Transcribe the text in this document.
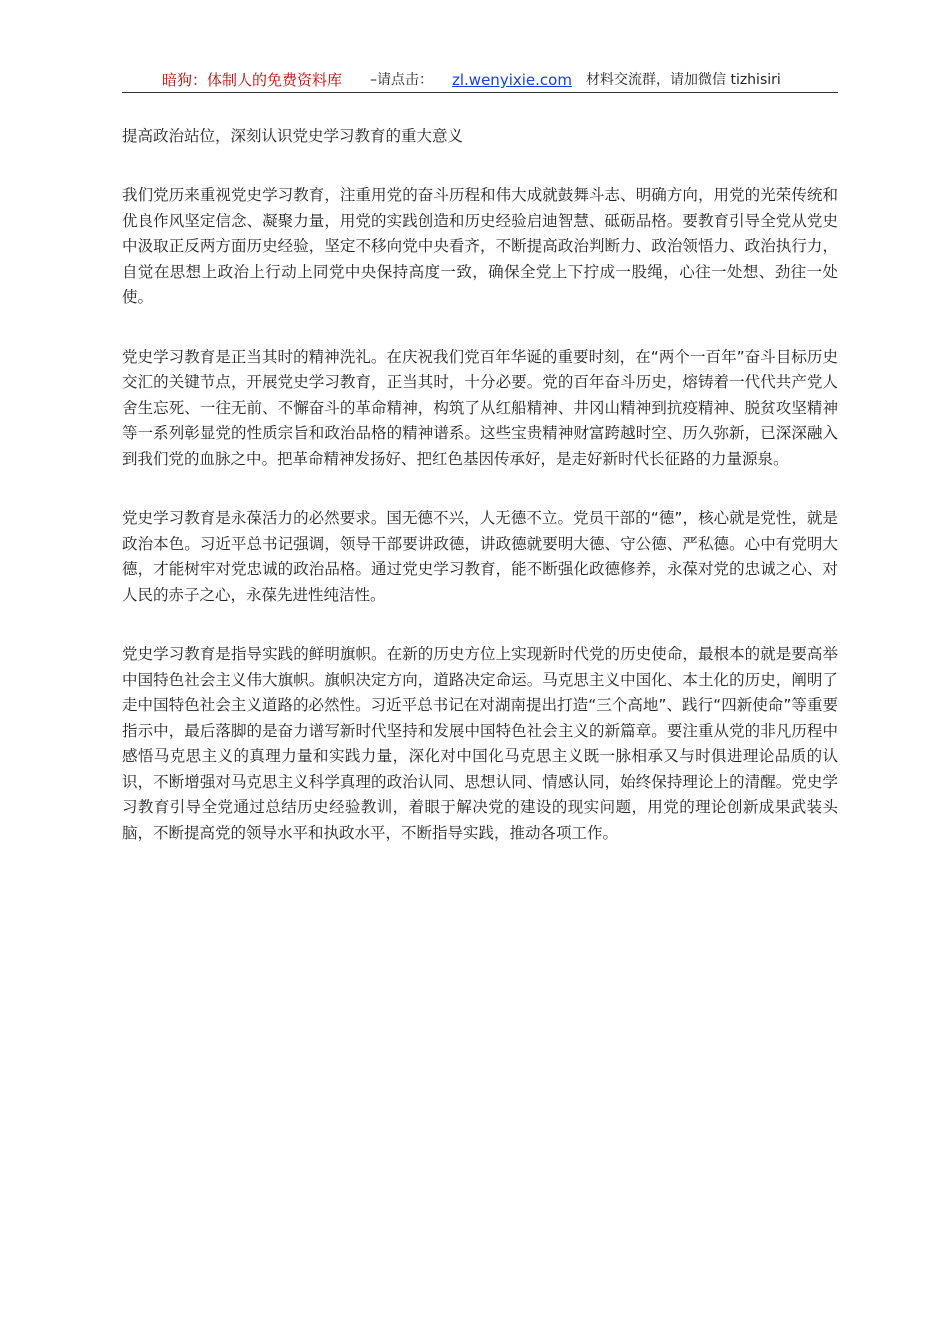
暗狗：体制人的免费资料库 –请点击： zl.wenyixie.com 材料交流群，请加微信 tizhisiri

提高政治站位，深刻认识党史学习教育的重大意义

我们党历来重视党史学习教育，注重用党的奋斗历程和伟大成就鼓舞斗志、明确方向，用党的光荣传统和优良作风坚定信念、凝聚力量，用党的实践创造和历史经验启迪智慧、砥砺品格。要教育引导全党从党史中汲取正反两方面历史经验，坚定不移向党中央看齐，不断提高政治判断力、政治领悟力、政治执行力，自觉在思想上政治上行动上同党中央保持高度一致，确保全党上下拧成一股绳，心往一处想、劲往一处使。

党史学习教育是正当其时的精神洗礼。在庆祝我们党百年华诞的重要时刻，在“两个一百年”奋斗目标历史交汇的关键节点，开展党史学习教育，正当其时，十分必要。党的百年奋斗历史，熔铸着一代代共产党人舍生忘死、一往无前、不懈奋斗的革命精神，构筑了从红船精神、井冈山精神到抗疫精神、脱贫攻坚精神等一系列彰显党的性质宗旨和政治品格的精神谱系。这些宝贵精神财富跨越时空、历久弥新，已深深融入到我们党的血脉之中。把革命精神发扬好、把红色基因传承好，是走好新时代长征路的力量源泉。

党史学习教育是永葆活力的必然要求。国无德不兴，人无德不立。党员干部的“德”，核心就是党性，就是政治本色。习近平总书记强调，领导干部要讲政德，讲政德就要明大德、守公德、严私德。心中有党明大德，才能树牢对党忠诚的政治品格。通过党史学习教育，能不断强化政德修养，永葆对党的忠诚之心、对人民的赤子之心，永葆先进性纯洁性。

党史学习教育是指导实践的鲜明旗帜。在新的历史方位上实现新时代党的历史使命，最根本的就是要高举中国特色社会主义伟大旗帜。旗帜决定方向，道路决定命运。马克思主义中国化、本土化的历史，阐明了走中国特色社会主义道路的必然性。习近平总书记在对湖南提出打造“三个高地”、践行“四新使命”等重要指示中，最后落脚的是奋力谱写新时代坚持和发展中国特色社会主义的新篇章。要注重从党的非凡历程中感悟马克思主义的真理力量和实践力量，深化对中国化马克思主义既一脉相承又与时俱进理论品质的认识，不断增强对马克思主义科学真理的政治认同、思想认同、情感认同，始终保持理论上的清醒。党史学习教育引导全党通过总结历史经验教训，着眼于解决党的建设的现实问题，用党的理论创新成果武装头脑，不断提高党的领导水平和执政水平，不断指导实践，推动各项工作。
